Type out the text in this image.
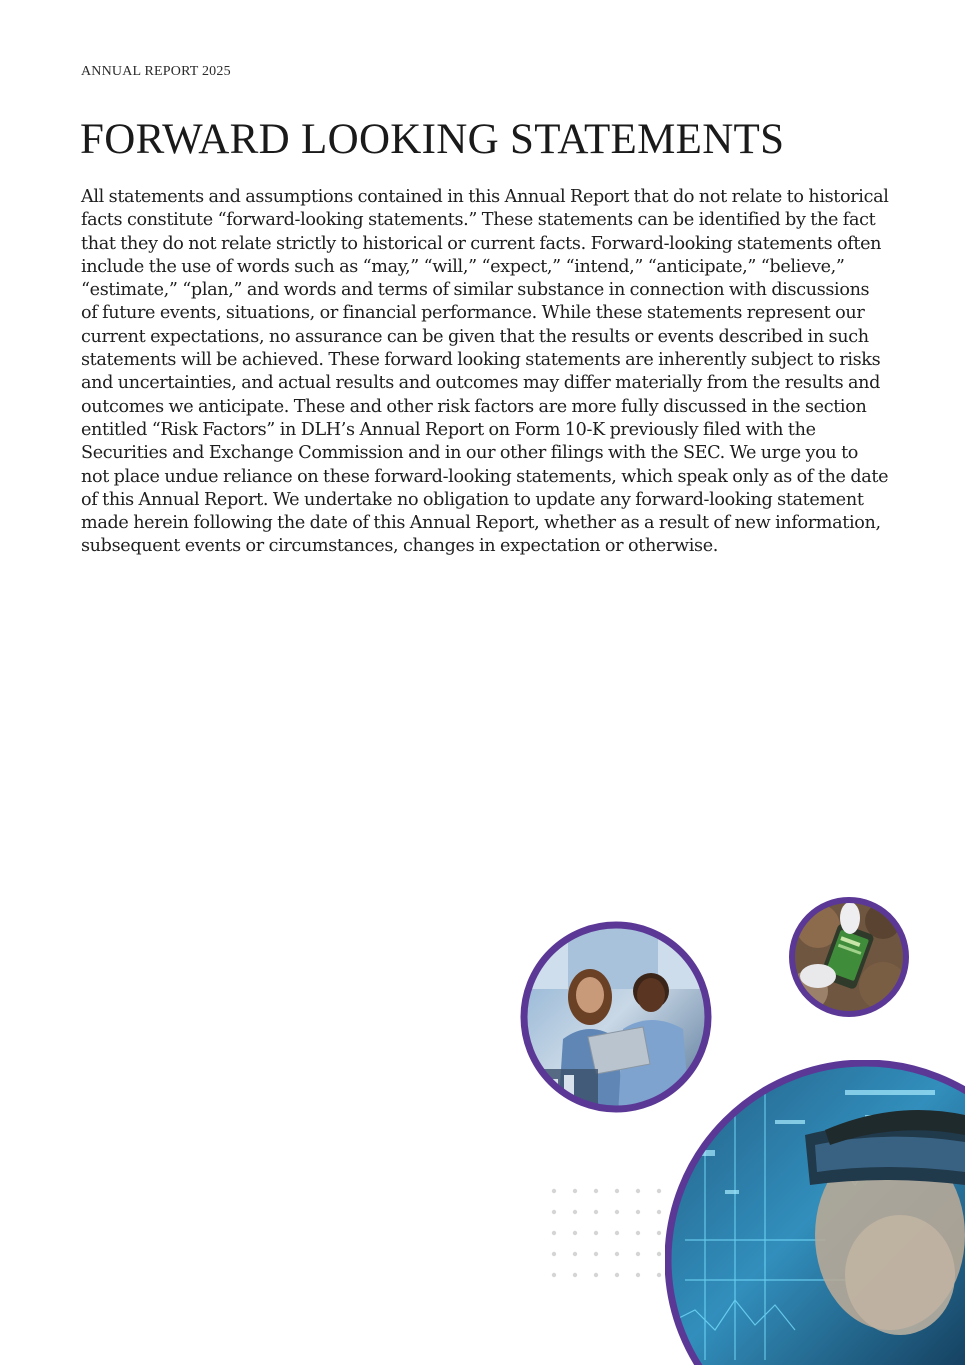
ANNUAL REPORT 2025
FORWARD LOOKING STATEMENTS

All statements and assumptions contained in this Annual Report that do not relate to historical facts constitute “forward-looking statements.” These statements can be identified by the fact that they do not relate strictly to historical or current facts. Forward-looking statements often include the use of words such as “may,” “will,” “expect,” “intend,” “anticipate,” “believe,” “estimate,” “plan,” and words and terms of similar substance in connection with discussions of future events, situations, or financial performance. While these statements represent our current expectations, no assurance can be given that the results or events described in such statements will be achieved. These forward looking statements are inherently subject to risks and uncertainties, and actual results and outcomes may differ materially from the results and outcomes we anticipate. These and other risk factors are more fully discussed in the section entitled “Risk Factors” in DLH’s Annual Report on Form 10-K previously filed with the Securities and Exchange Commission and in our other filings with the SEC. We urge you to not place undue reliance on these forward-looking statements, which speak only as of the date of this Annual Report. We undertake no obligation to update any forward-looking statement made herein following the date of this Annual Report, whether as a result of new information, subsequent events or circumstances, changes in expectation or otherwise.
